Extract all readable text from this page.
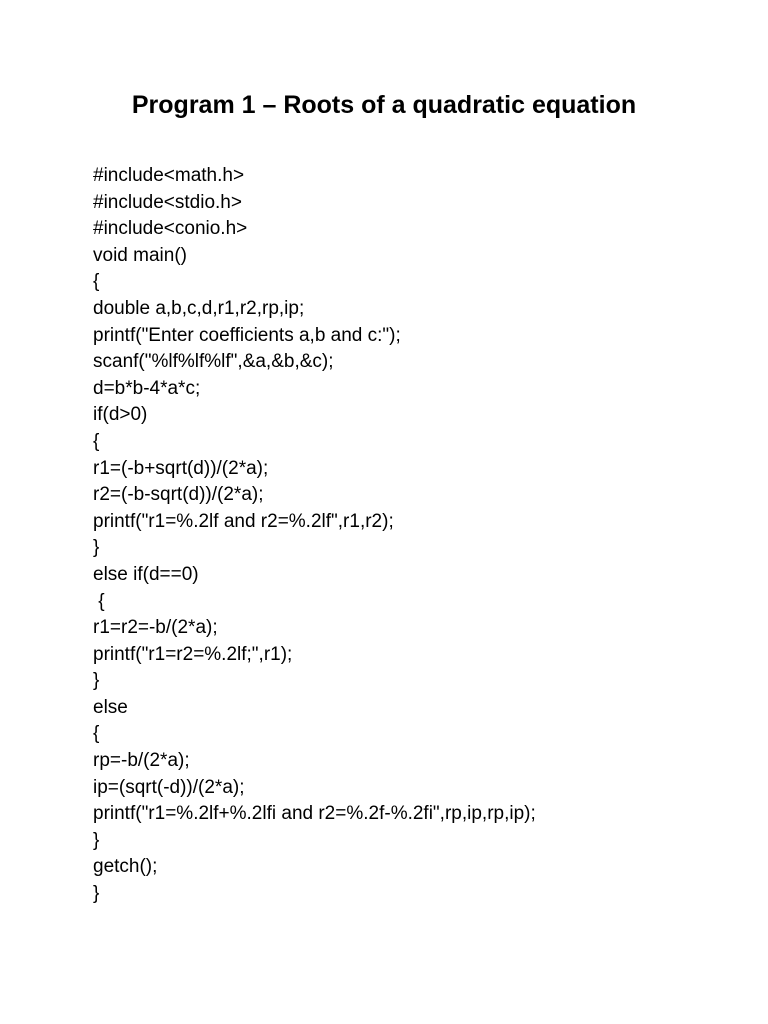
Program 1 – Roots of a quadratic equation
#include<math.h>
#include<stdio.h>
#include<conio.h>
void main()
{
double a,b,c,d,r1,r2,rp,ip;
printf("Enter coefficients a,b and c:");
scanf("%lf%lf%lf",&a,&b,&c);
d=b*b-4*a*c;
if(d>0)
{
r1=(-b+sqrt(d))/(2*a);
r2=(-b-sqrt(d))/(2*a);
printf("r1=%.2lf and r2=%.2lf",r1,r2);
}
else if(d==0)
{
r1=r2=-b/(2*a);
printf("r1=r2=%.2lf;",r1);
}
else
{
rp=-b/(2*a);
ip=(sqrt(-d))/(2*a);
printf("r1=%.2lf+%.2lfi and r2=%.2f-%.2fi",rp,ip,rp,ip);
}
getch();
}
